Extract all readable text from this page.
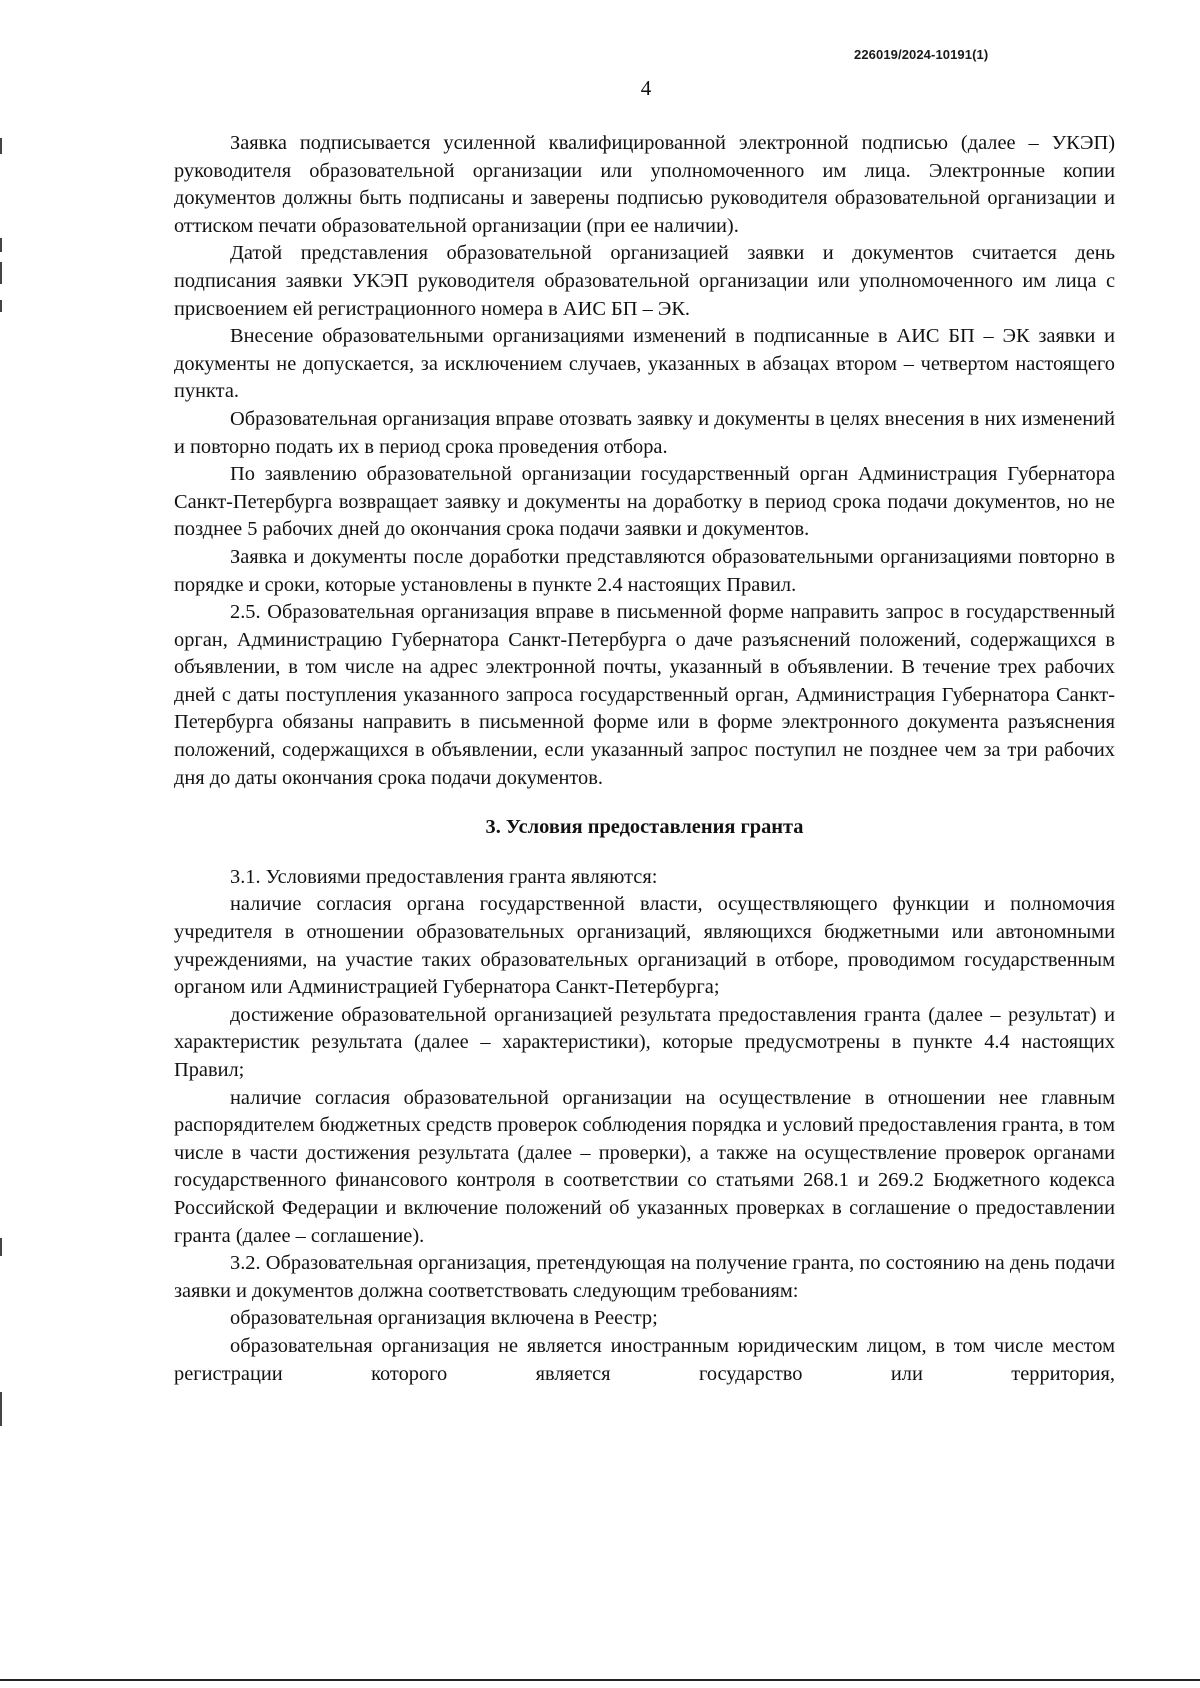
226019/2024-10191(1)
4

Заявка подписывается усиленной квалифицированной электронной подписью (далее – УКЭП) руководителя образовательной организации или уполномоченного им лица. Электронные копии документов должны быть подписаны и заверены подписью руководителя образовательной организации и оттиском печати образовательной организации (при ее наличии).

Датой представления образовательной организацией заявки и документов считается день подписания заявки УКЭП руководителя образовательной организации или уполномоченного им лица с присвоением ей регистрационного номера в АИС БП – ЭК.

Внесение образовательными организациями изменений в подписанные в АИС БП – ЭК заявки и документы не допускается, за исключением случаев, указанных в абзацах втором – четвертом настоящего пункта.

Образовательная организация вправе отозвать заявку и документы в целях внесения в них изменений и повторно подать их в период срока проведения отбора.

По заявлению образовательной организации государственный орган Администрация Губернатора Санкт-Петербурга возвращает заявку и документы на доработку в период срока подачи документов, но не позднее 5 рабочих дней до окончания срока подачи заявки и документов.

Заявка и документы после доработки представляются образовательными организациями повторно в порядке и сроки, которые установлены в пункте 2.4 настоящих Правил.

2.5. Образовательная организация вправе в письменной форме направить запрос в государственный орган, Администрацию Губернатора Санкт-Петербурга о даче разъяснений положений, содержащихся в объявлении, в том числе на адрес электронной почты, указанный в объявлении. В течение трех рабочих дней с даты поступления указанного запроса государственный орган, Администрация Губернатора Санкт-Петербурга обязаны направить в письменной форме или в форме электронного документа разъяснения положений, содержащихся в объявлении, если указанный запрос поступил не позднее чем за три рабочих дня до даты окончания срока подачи документов.

3. Условия предоставления гранта

3.1. Условиями предоставления гранта являются:

наличие согласия органа государственной власти, осуществляющего функции и полномочия учредителя в отношении образовательных организаций, являющихся бюджетными или автономными учреждениями, на участие таких образовательных организаций в отборе, проводимом государственным органом или Администрацией Губернатора Санкт-Петербурга;

достижение образовательной организацией результата предоставления гранта (далее – результат) и характеристик результата (далее – характеристики), которые предусмотрены в пункте 4.4 настоящих Правил;

наличие согласия образовательной организации на осуществление в отношении нее главным распорядителем бюджетных средств проверок соблюдения порядка и условий предоставления гранта, в том числе в части достижения результата (далее – проверки), а также на осуществление проверок органами государственного финансового контроля в соответствии со статьями 268.1 и 269.2 Бюджетного кодекса Российской Федерации и включение положений об указанных проверках в соглашение о предоставлении гранта (далее – соглашение).

3.2. Образовательная организация, претендующая на получение гранта, по состоянию на день подачи заявки и документов должна соответствовать следующим требованиям:

образовательная организация включена в Реестр;

образовательная организация не является иностранным юридическим лицом, в том числе местом регистрации которого является государство или территория,
